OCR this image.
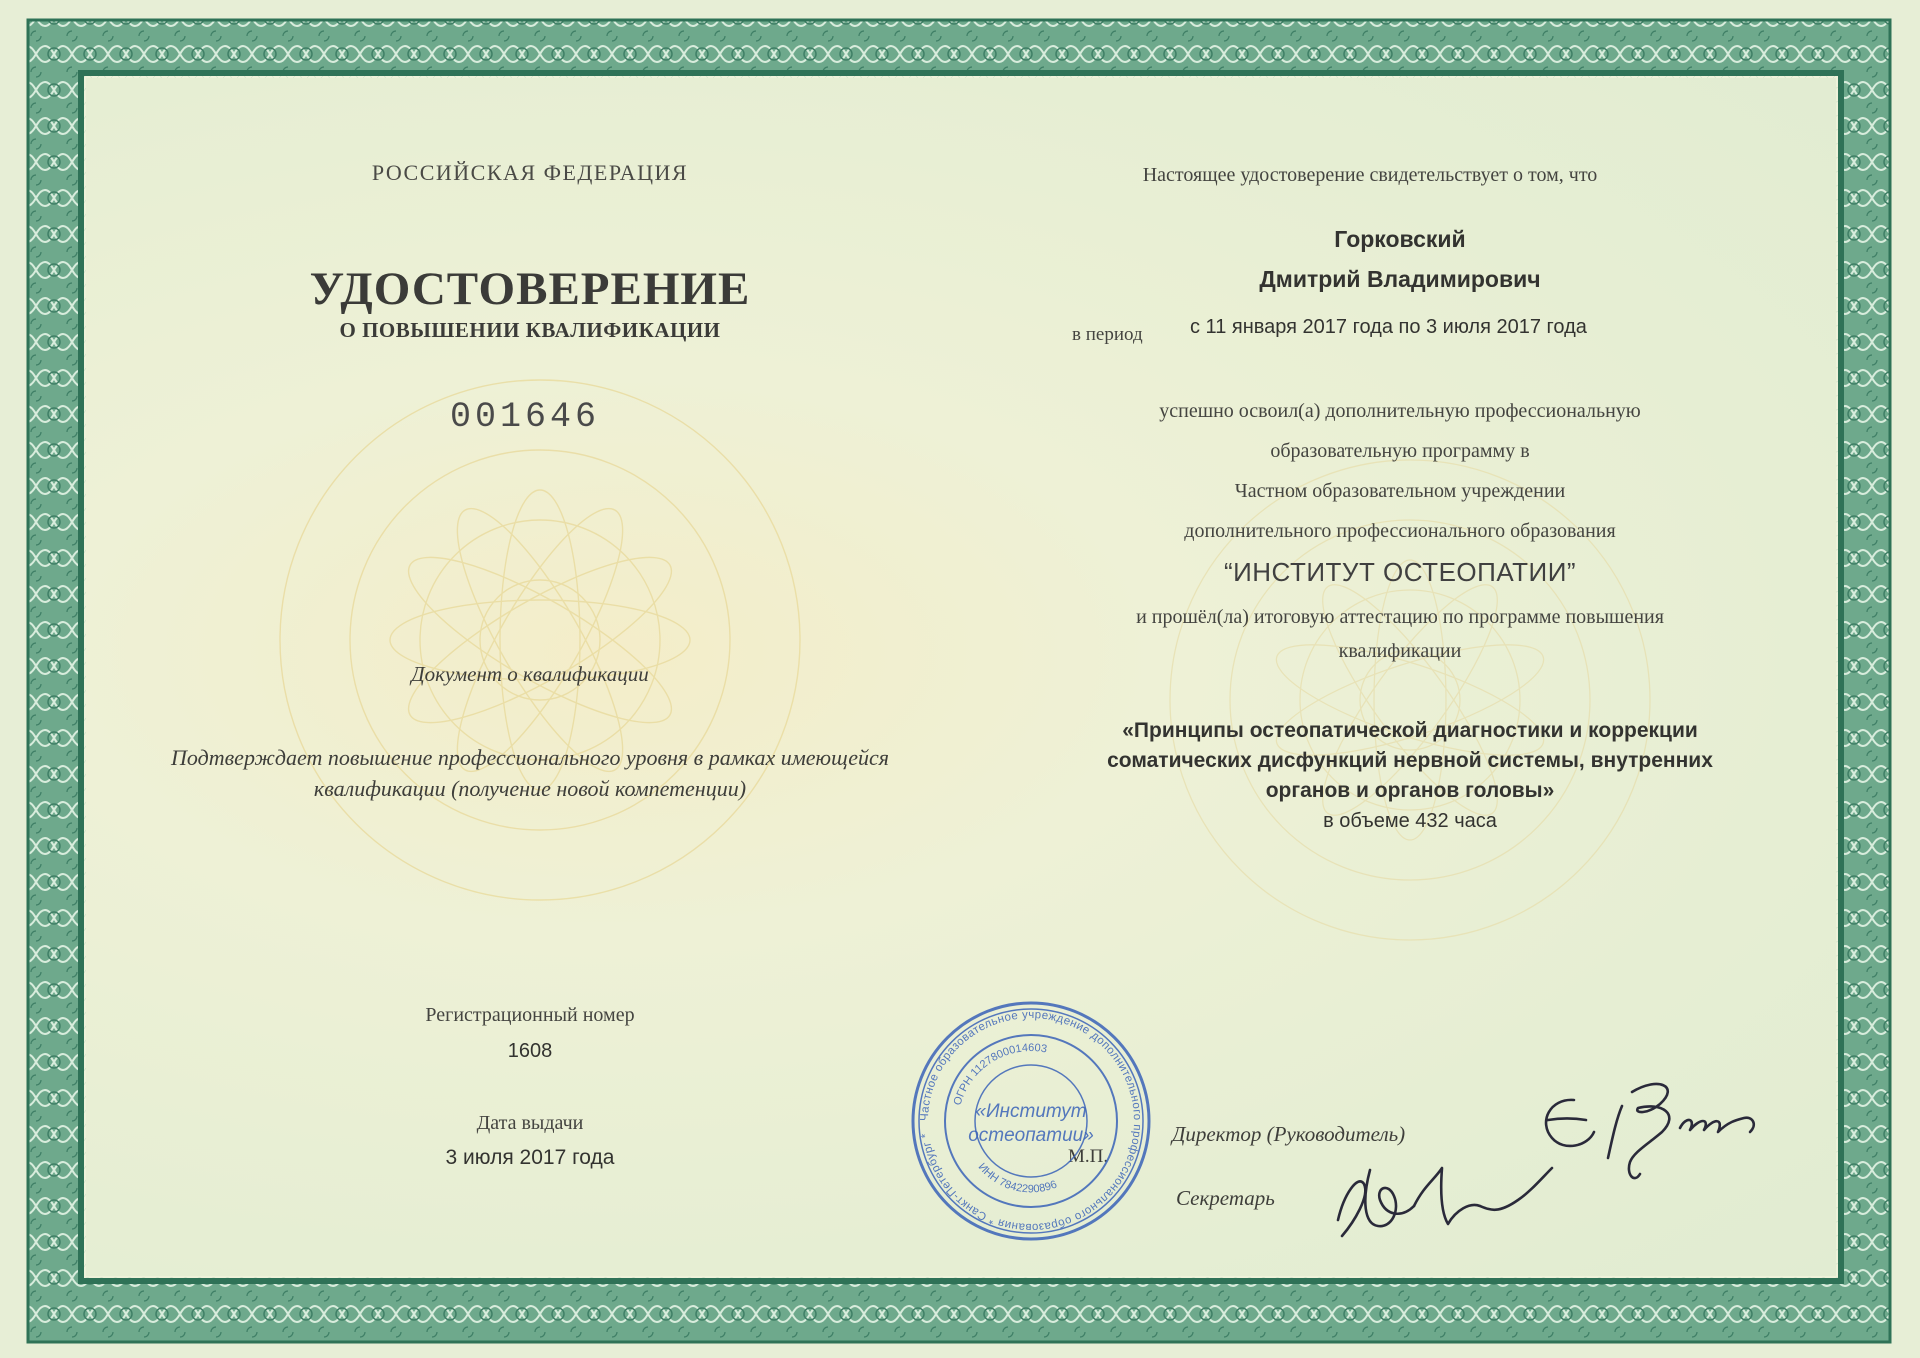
РОССИЙСКАЯ ФЕДЕРАЦИЯ
УДОСТОВЕРЕНИЕ
О ПОВЫШЕНИИ КВАЛИФИКАЦИИ
001646
Документ о квалификации
Подтверждает повышение профессионального уровня в рамках имеющейся квалификации (получение новой компетенции)
Регистрационный номер
1608
Дата выдачи
3 июля 2017 года
Настоящее удостоверение свидетельствует о том, что
Горковский
Дмитрий Владимирович
в период с 11 января 2017 года по 3 июля 2017 года
успешно освоил(а) дополнительную профессиональную
образовательную программу в
Частном образовательном учреждении
дополнительного профессионального образования
“ИНСТИТУТ ОСТЕОПАТИИ”
и прошёл(ла) итоговую аттестацию по программе повышения
квалификации
«Принципы остеопатической диагностики и коррекции соматических дисфункций нервной системы, внутренних органов и органов головы»
в объеме 432 часа
Директор (Руководитель)
Секретарь
М.П.
Частное образовательное учреждение дополнительного профессионального образования * Санкт-Петербург *
ОГРН 1127800014603
ИНН 7842290896
«Институт
остеопатии»
